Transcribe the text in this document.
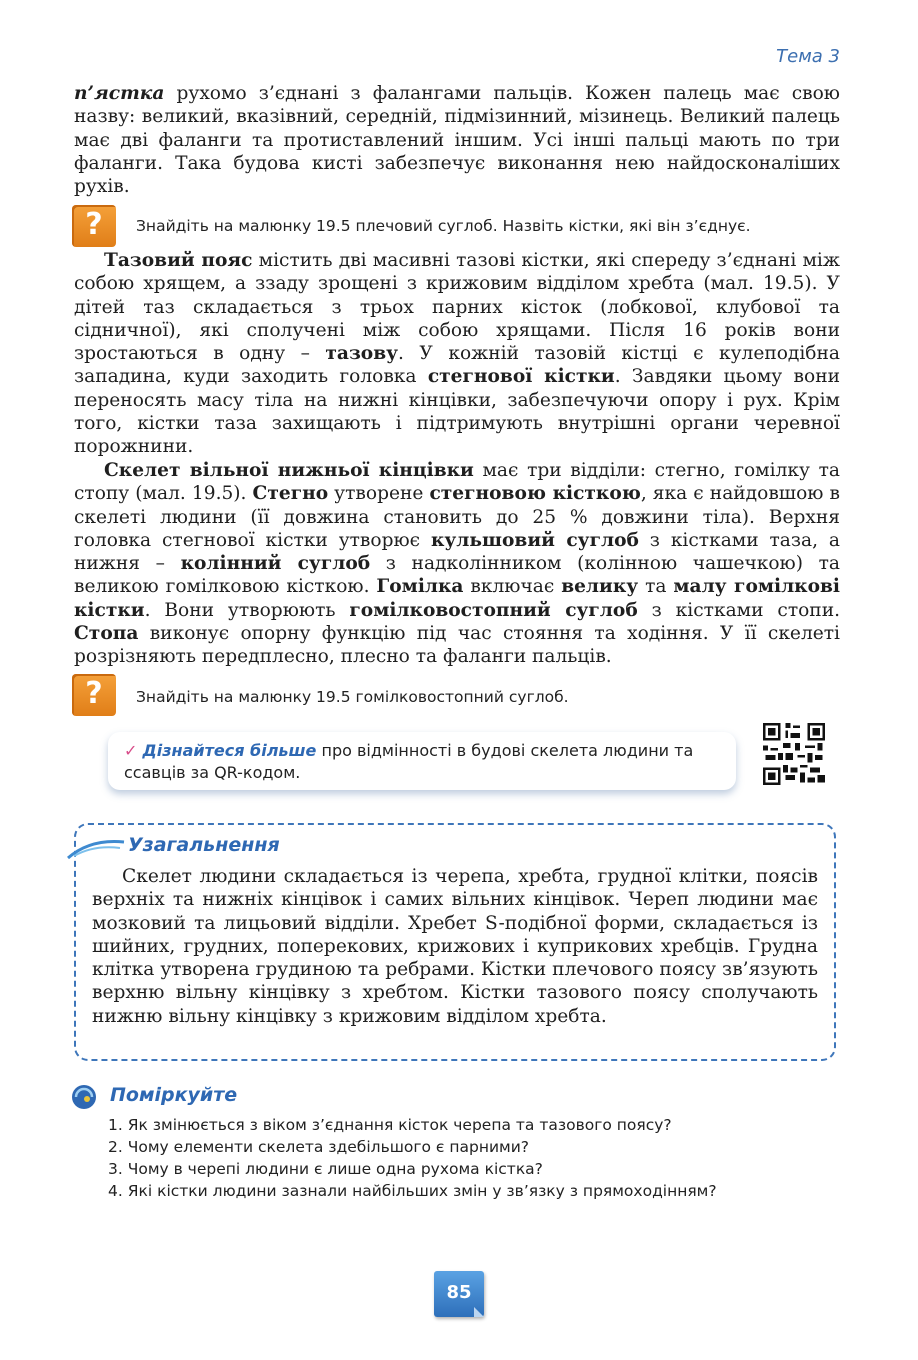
Тема 3

п’ястка рухомо з’єднані з фалангами пальців. Кожен палець має свою назву: великий, вказівний, середній, підмізинний, мізинець. Великий палець має дві фаланги та протиставлений іншим. Усі інші пальці мають по три фаланги. Така будова кисті забезпечує виконання нею найдосконаліших рухів.

?	Знайдіть на малюнку 19.5 плечовий суглоб. Назвіть кістки, які він з’єднує.

Тазовий пояс містить дві масивні тазові кістки, які спереду з’єднані між собою хрящем, а ззаду зрощені з крижовим відділом хребта (мал. 19.5). У дітей таз складається з трьох парних кісток (лобкової, клубової та сідничної), які сполучені між собою хрящами. Після 16 років вони зростаються в одну – тазову. У кожній тазовій кістці є кулеподібна западина, куди заходить головка стегнової кістки. Завдяки цьому вони переносять масу тіла на нижні кінцівки, забезпечуючи опору і рух. Крім того, кістки таза захищають і підтримують внутрішні органи черевної порожнини.

Скелет вільної нижньої кінцівки має три відділи: стегно, гомілку та стопу (мал. 19.5). Стегно утворене стегновою кісткою, яка є найдовшою в скелеті людини (її довжина становить до 25 % довжини тіла). Верхня головка стегнової кістки утворює кульшовий суглоб з кістками таза, а нижня – колінний суглоб з надколінником (колінною чашечкою) та великою гомілковою кісткою. Гомілка включає велику та малу гомілкові кістки. Вони утворюють гомілковостопний суглоб з кістками стопи. Стопа виконує опорну функцію під час стояння та ходіння. У її скелеті розрізняють передплесно, плесно та фаланги пальців.

?	Знайдіть на малюнку 19.5 гомілковостопний суглоб.
✓ Дізнайтеся більше про відмінності в будові скелета людини та ссавців за QR-кодом.
Узагальнення

Скелет людини складається із черепа, хребта, грудної клітки, поясів верхніх та нижніх кінцівок і самих вільних кінцівок. Череп людини має мозковий та лицьовий відділи. Хребет S-подібної форми, складається із шийних, грудних, поперекових, крижових і куприкових хребців. Грудна клітка утворена грудиною та ребрами. Кістки плечового поясу зв’язують верхню вільну кінцівку з хребтом. Кістки тазового поясу сполучають нижню вільну кінцівку з крижовим відділом хребта.

Поміркуйте
1. Як змінюється з віком з’єднання кісток черепа та тазового поясу?
2. Чому елементи скелета здебільшого є парними?
3. Чому в черепі людини є лише одна рухома кістка?
4. Які кістки людини зазнали найбільших змін у зв’язку з прямоходінням?
85
